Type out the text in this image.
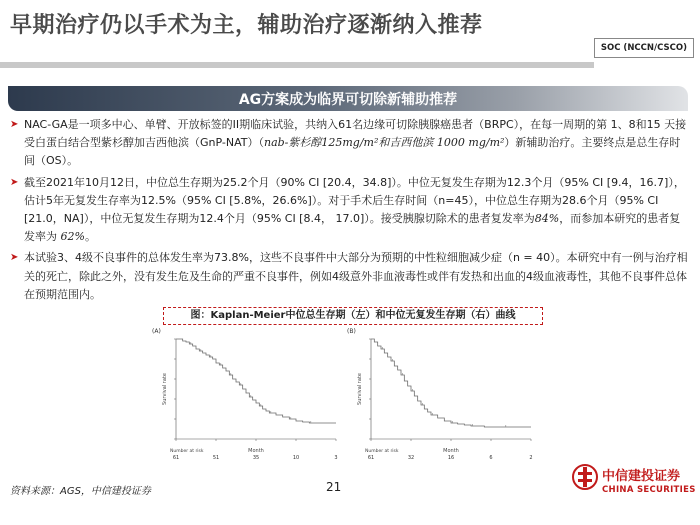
早期治疗仍以手术为主，辅助治疗逐渐纳入推荐
SOC (NCCN/CSCO)
AG方案成为临界可切除新辅助推荐
➤ NAC-GA是一项多中心、单臂、开放标签的II期临床试验，共纳入61名边缘可切除胰腺癌患者（BRPC），在每一周期的第 1、8和15 天接受白蛋白结合型紫杉醇加吉西他滨（GnP-NAT）（nab-紫杉醇125mg/m²和吉西他滨 1000 mg/m²）新辅助治疗。主要终点是总生存时间（OS）。
➤ 截至2021年10月12日，中位总生存期为25.2个月（90% CI [20.4，34.8]）。中位无复发生存期为12.3个月（95% CI [9.4，16.7]），估计5年无复发生存率为12.5%（95% CI [5.8%，26.6%]）。对于手术后生存时间（n=45），中位总生存期为28.6个月（95% CI [21.0，NA]），中位无复发生存期为12.4个月（95% CI [8.4， 17.0]）。接受胰腺切除术的患者复发率为84%，而参加本研究的患者复发率为 62%。
➤ 本试验3、4级不良事件的总体发生率为73.8%，这些不良事件中大部分为预期的中性粒细胞减少症（n = 40）。本研究中有一例与治疗相关的死亡，除此之外，没有发生危及生命的严重不良事件，例如4级意外非血液毒性或伴有发热和出血的4级血液毒性，其他不良事件总体在预期范围内。
图：Kaplan-Meier中位总生存期（左）和中位无复发生存期（右）曲线
(A)
Survival rate
Number at risk	Month
61	51	35	10	3
(B)
Survival rate
Number at risk	Month
61	32	16	6	2
资料来源：AGS，中信建投证券	21
中信建投证券
CHINA SECURITIES
